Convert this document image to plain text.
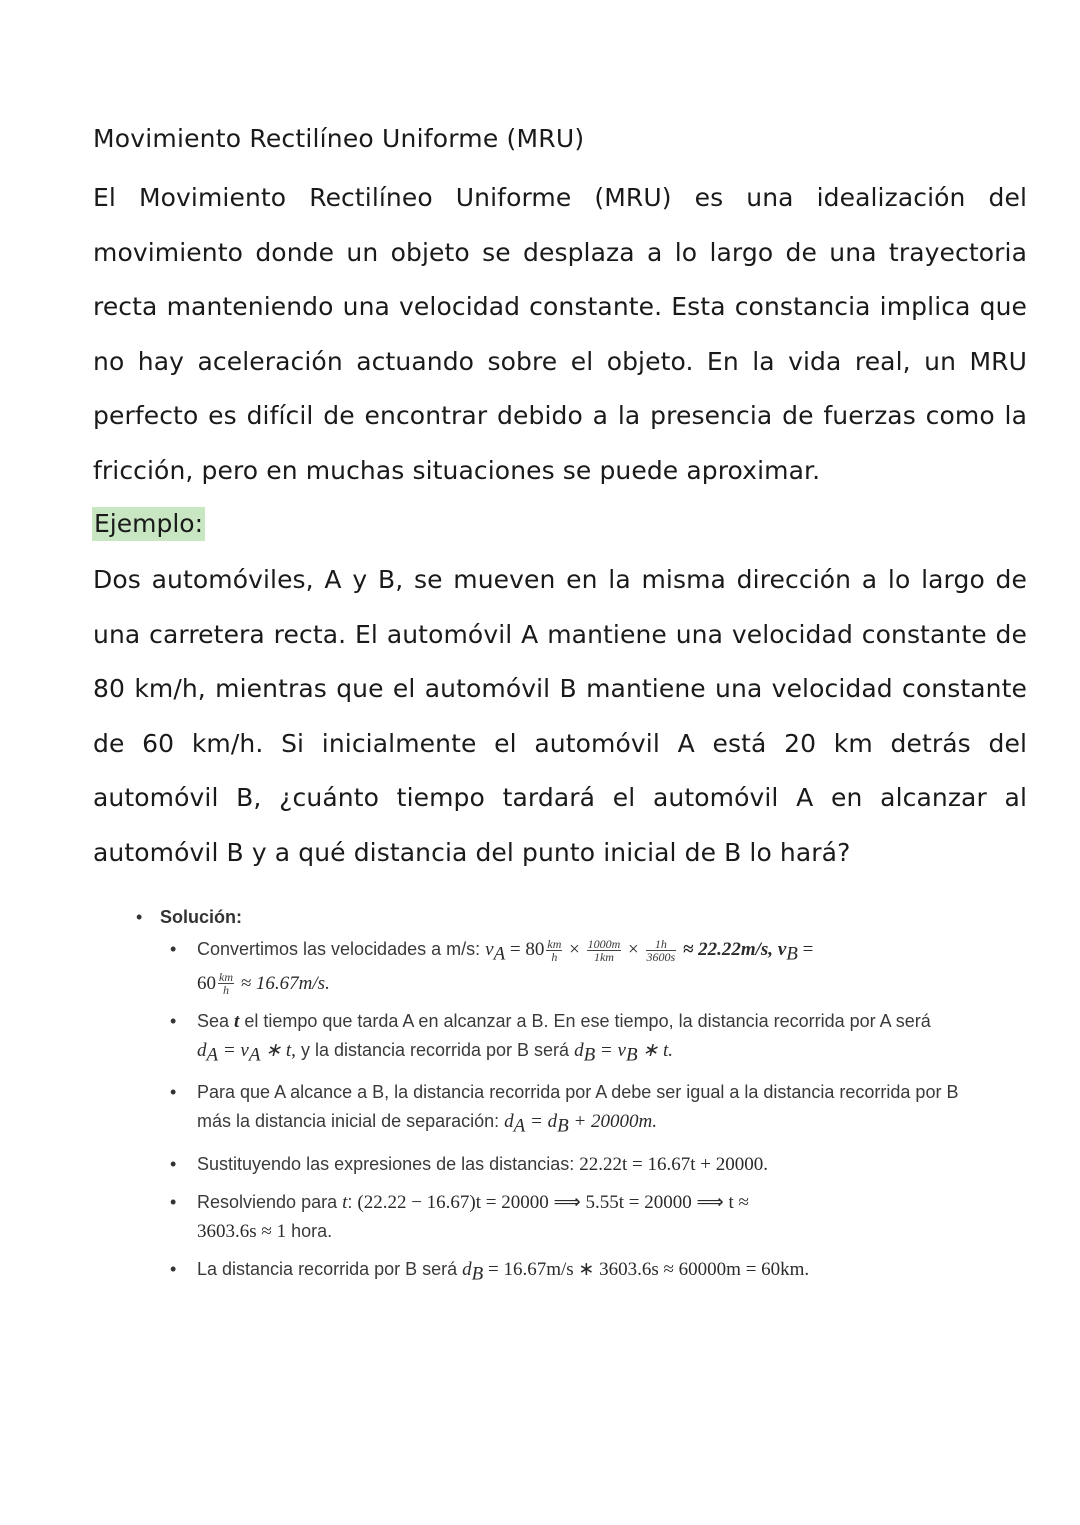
Movimiento Rectilíneo Uniforme (MRU)

El Movimiento Rectilíneo Uniforme (MRU) es una idealización del movimiento donde un objeto se desplaza a lo largo de una trayectoria recta manteniendo una velocidad constante. Esta constancia implica que no hay aceleración actuando sobre el objeto. En la vida real, un MRU perfecto es difícil de encontrar debido a la presencia de fuerzas como la fricción, pero en muchas situaciones se puede aproximar.

Ejemplo:

Dos automóviles, A y B, se mueven en la misma dirección a lo largo de una carretera recta. El automóvil A mantiene una velocidad constante de 80 km/h, mientras que el automóvil B mantiene una velocidad constante de 60 km/h. Si inicialmente el automóvil A está 20 km detrás del automóvil B, ¿cuánto tiempo tardará el automóvil A en alcanzar al automóvil B y a qué distancia del punto inicial de B lo hará?

• Solución:
• Convertimos las velocidades a m/s: $v_A = 80 \frac{km}{h} \times \frac{1000m}{1km} \times \frac{1h}{3600s} \approx 22.22m/s$, $v_B$ =
$60 \frac{km}{h} \approx 16.67m/s$.
• Sea t el tiempo que tarda A en alcanzar a B. En ese tiempo, la distancia recorrida por A será
$d_A = v_A$ ∗ t, y la distancia recorrida por B será $d_B = v_B$ ∗ t.
• Para que A alcance a B, la distancia recorrida por A debe ser igual a la distancia recorrida por B más la distancia inicial de separación: $d_A = d_B + 20000m$.
• Sustituyendo las expresiones de las distancias: 22.22t = 16.67t + 20000.
• Resolviendo para t: (22.22 − 16.67)t = 20000 ⟹ 5.55t = 20000 ⟹ t ≈
3603.6s ≈ 1 hora.
• La distancia recorrida por B será $d_B = 16.67m/s$ ∗ 3603.6s ≈ 60000m = 60km.
